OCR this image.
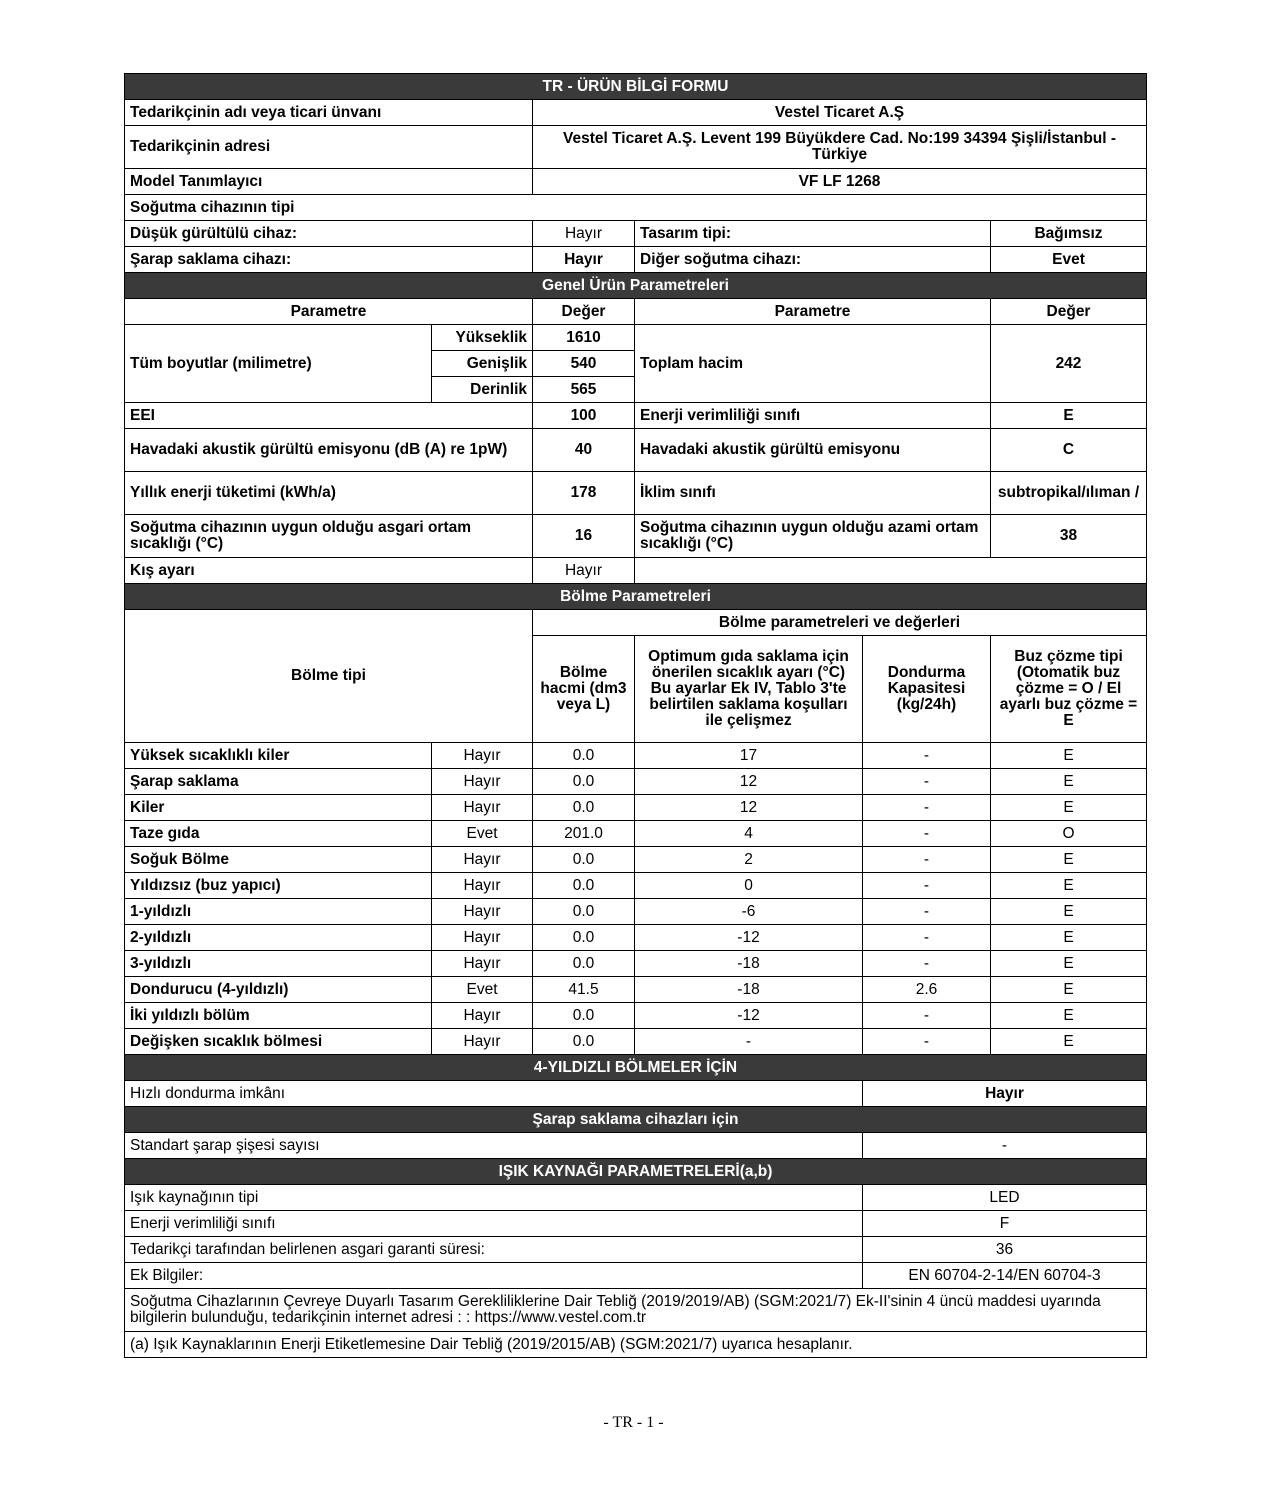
TR - ÜRÜN BİLGİ FORMU					
Tedarikçinin adı veya ticari ünvanı		Vestel Ticaret A.Ş			
Tedarikçinin adresi		Vestel Ticaret A.Ş. Levent 199 Büyükdere Cad. No:199 34394 Şişli/İstanbul - Türkiye			
Model Tanımlayıcı		VF LF 1268			
Soğutma cihazının tipi					
Düşük gürültülü cihaz:		Hayır	Tasarım tipi:		Bağımsız
Şarap saklama cihazı:		Hayır	Diğer soğutma cihazı:		Evet
Genel Ürün Parametreleri					
Parametre		Değer	Parametre		Değer
Tüm boyutlar (milimetre)	Yükseklik	1610	Toplam hacim		242
	Genişlik	540			
	Derinlik	565			
EEI		100	Enerji verimliliği sınıfı		E
Havadaki akustik gürültü emisyonu (dB (A) re 1pW)		40	Havadaki akustik gürültü emisyonu		C
Yıllık enerji tüketimi (kWh/a)		178	İklim sınıfı		subtropikal/ılıman /
Soğutma cihazının uygun olduğu asgari ortam sıcaklığı (°C)		16	Soğutma cihazının uygun olduğu azami ortam sıcaklığı (°C)		38
Kış ayarı		Hayır			
Bölme Parametreleri					
Bölme tipi		Bölme parametreleri ve değerleri			
		Bölme hacmi (dm3 veya L)	Optimum gıda saklama için önerilen sıcaklık ayarı (°C) Bu ayarlar Ek IV, Tablo 3'te belirtilen saklama koşulları ile çelişmez	Dondurma Kapasitesi (kg/24h)	Buz çözme tipi (Otomatik buz çözme = O / El ayarlı buz çözme = E
Yüksek sıcaklıklı kiler	Hayır	0.0	17	-	E
Şarap saklama	Hayır	0.0	12	-	E
Kiler	Hayır	0.0	12	-	E
Taze gıda	Evet	201.0	4	-	O
Soğuk Bölme	Hayır	0.0	2	-	E
Yıldızsız (buz yapıcı)	Hayır	0.0	0	-	E
1-yıldızlı	Hayır	0.0	-6	-	E
2-yıldızlı	Hayır	0.0	-12	-	E
3-yıldızlı	Hayır	0.0	-18	-	E
Dondurucu (4-yıldızlı)	Evet	41.5	-18	2.6	E
İki yıldızlı bölüm	Hayır	0.0	-12	-	E
Değişken sıcaklık bölmesi	Hayır	0.0	-	-	E
4-YILDIZLI BÖLMELER İÇİN					
Hızlı dondurma imkânı				Hayır	
Şarap saklama cihazları için					
Standart şarap şişesi sayısı				-	
IŞIK KAYNAĞI PARAMETRELERİ(a,b)					
Işık kaynağının tipi				LED	
Enerji verimliliği sınıfı				F	
Tedarikçi tarafından belirlenen asgari garanti süresi:				36	
Ek Bilgiler:				EN 60704-2-14/EN 60704-3	
Soğutma Cihazlarının Çevreye Duyarlı Tasarım Gerekliliklerine Dair Tebliğ (2019/2019/AB) (SGM:2021/7) Ek-II'sinin 4 üncü maddesi uyarında bilgilerin bulunduğu, tedarikçinin internet adresi : : https://www.vestel.com.tr					
(a) Işık Kaynaklarının Enerji Etiketlemesine Dair Tebliğ (2019/2015/AB) (SGM:2021/7) uyarıca hesaplanır.					
- TR - 1 -
